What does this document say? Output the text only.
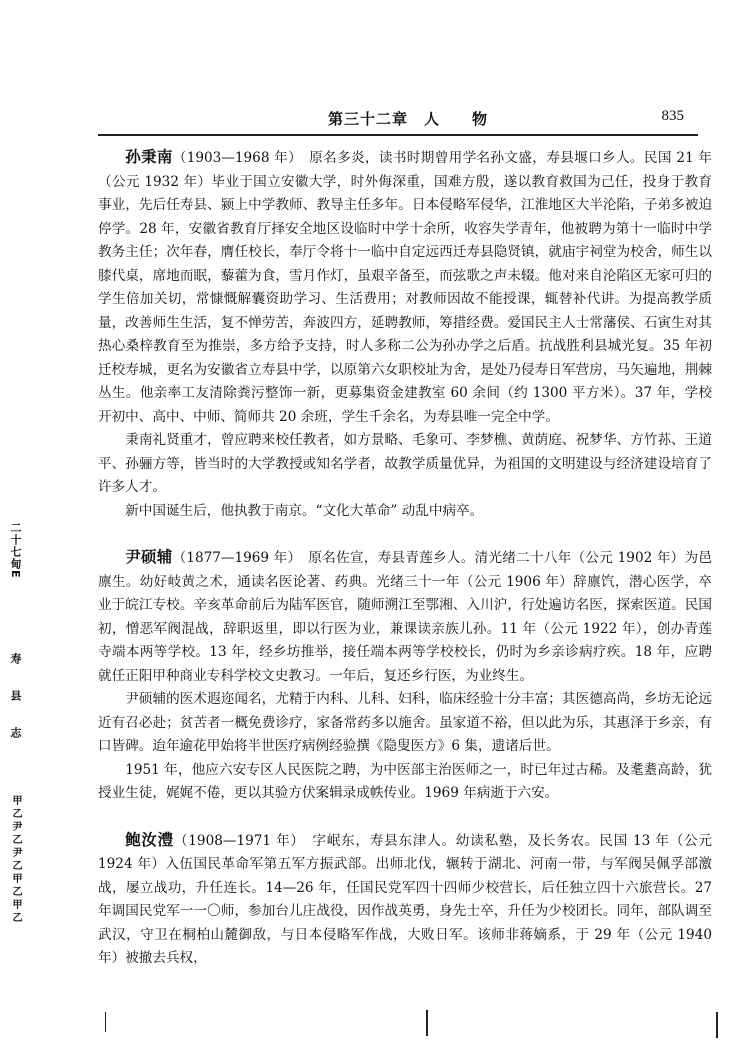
第三十二章　人　　物	835
二十七甸E
寿县志
甲乙尹乙尹乙甲乙甲乙

孙秉南（1903—1968 年）　原名多炎，读书时期曾用学名孙文盛，寿县堰口乡人。民国 21 年（公元 1932 年）毕业于国立安徽大学，时外侮深重，国难方殷，遂以教育救国为己任，投身于教育事业，先后任寿县、颍上中学教师、教导主任多年。日本侵略军侵华，江淮地区大半沦陷，子弟多被迫停学。28 年，安徽省教育厅择安全地区设临时中学十余所，收容失学青年，他被聘为第十一临时中学教务主任；次年春，膺任校长，奉厅令将十一临中自定远西迁寿县隐贤镇，就庙宇祠堂为校舍，师生以膝代桌，席地而眠，藜藿为食，雪月作灯，虽艰辛备至，而弦歌之声未辍。他对来自沦陷区无家可归的学生倍加关切，常慷慨解囊资助学习、生活费用；对教师因故不能授课，辄替补代讲。为提高教学质量，改善师生生活，复不惮劳苦，奔波四方，延聘教师，筹措经费。爱国民主人士常藩侯、石寅生对其热心桑梓教育至为推崇，多方给予支持，时人多称二公为孙办学之后盾。抗战胜利县城光复。35 年初迁校寿城，更名为安徽省立寿县中学，以原第六女职校址为舍，是处乃侵寿日军营房，马矢遍地，荆棘丛生。他亲率工友清除粪污整饰一新，更募集资金建教室 60 余间（约 1300 平方米）。37 年，学校开初中、高中、中师、简师共 20 余班，学生千余名，为寿县唯一完全中学。

秉南礼贤重才，曾应聘来校任教者，如方景略、毛象可、李梦樵、黄荫庭、祝梦华、方竹荪、王道平、孙骊方等，皆当时的大学教授或知名学者，故教学质量优异，为祖国的文明建设与经济建设培育了许多人才。

新中国诞生后，他执教于南京。“文化大革命” 动乱中病卒。

尹硕辅（1877—1969 年）　原名佐宣，寿县青莲乡人。清光绪二十八年（公元 1902 年）为邑廪生。幼好岐黄之术，通读名医论著、药典。光绪三十一年（公元 1906 年）辞廪饩，潜心医学，卒业于皖江专校。辛亥革命前后为陆军医官，随师溯江至鄂湘、入川沪，行处遍访名医，探索医道。民国初，憎恶军阀混战，辞职返里，即以行医为业，兼课读亲族儿孙。11 年（公元 1922 年），创办青莲寺端本两等学校。13 年，经乡坊推举，接任端本两等学校校长，仍时为乡亲诊病疗疾。18 年，应聘就任正阳甲种商业专科学校文史教习。一年后，复还乡行医，为业终生。

尹硕辅的医术遐迩闻名，尤精于内科、儿科、妇科，临床经验十分丰富；其医德高尚，乡坊无论远近有召必赴；贫苦者一概免费诊疗，家备常药多以施舍。虽家道不裕，但以此为乐，其惠泽于乡亲，有口皆碑。迨年逾花甲始将半世医疗病例经验撰《隐叟医方》6 集，遗诸后世。

1951 年，他应六安专区人民医院之聘，为中医部主治医师之一，时已年过古稀。及耄耋高龄，犹授业生徒，娓娓不倦，更以其验方伏案辑录成帙传业。1969 年病逝于六安。

鲍汝澧（1908—1971 年）　字岷东，寿县东津人。幼读私塾，及长务农。民国 13 年（公元 1924 年）入伍国民革命军第五军方振武部。出师北伐，辗转于湖北、河南一带，与军阀吴佩孚部激战，屡立战功，升任连长。14—26 年，任国民党军四十四师少校营长，后任独立四十六旅营长。27 年调国民党军一一〇师，参加台儿庄战役，因作战英勇，身先士卒，升任为少校团长。同年，部队调至武汉，守卫在桐柏山麓御敌，与日本侵略军作战，大败日军。该师非蒋嫡系，于 29 年（公元 1940 年）被撤去兵权，
